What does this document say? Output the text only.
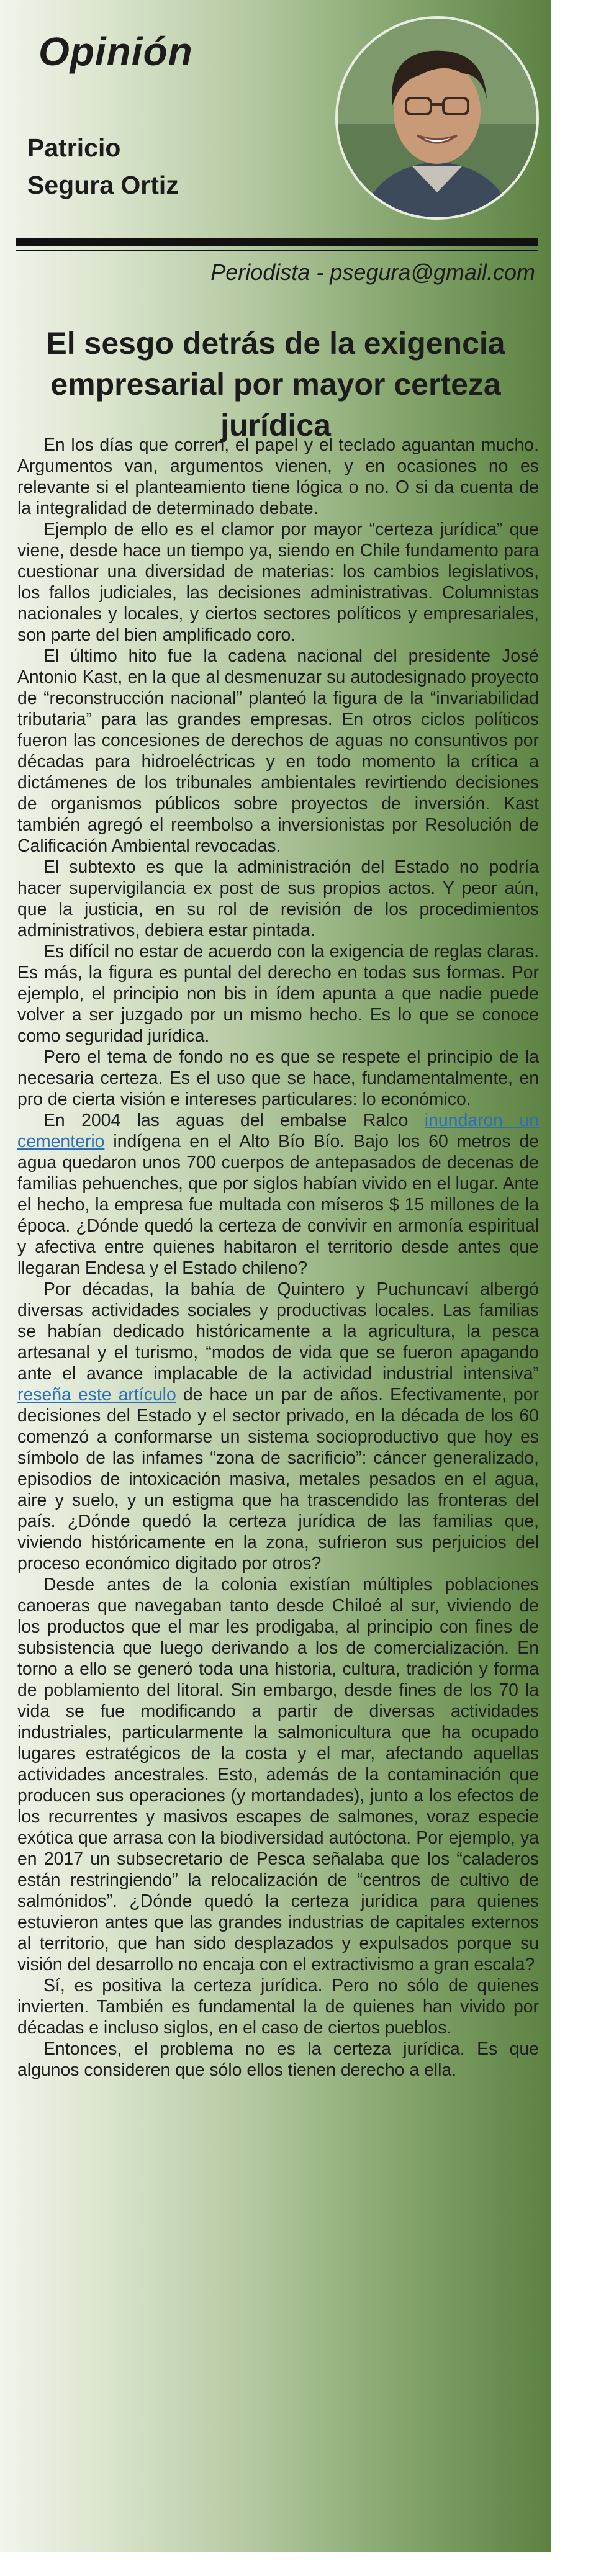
Opinión
Patricio
Segura Ortiz
Periodista - psegura@gmail.com
El sesgo detrás de la exigencia
empresarial por mayor certeza jurídica

En los días que corren, el papel y el teclado aguantan mucho. Argumentos van, argumentos vienen, y en ocasiones no es relevante si el planteamiento tiene lógica o no. O si da cuenta de la integralidad de determinado debate.

Ejemplo de ello es el clamor por mayor “certeza jurídica” que viene, desde hace un tiempo ya, siendo en Chile fundamento para cuestionar una diversidad de materias: los cambios legislativos, los fallos judiciales, las decisiones administrativas. Columnistas nacionales y locales, y ciertos sectores políticos y empresariales, son parte del bien amplificado coro.

El último hito fue la cadena nacional del presidente José Antonio Kast, en la que al desmenuzar su autodesignado proyecto de “reconstrucción nacional” planteó la figura de la “invariabilidad tributaria” para las grandes empresas. En otros ciclos políticos fueron las concesiones de derechos de aguas no consuntivos por décadas para hidroeléctricas y en todo momento la crítica a dictámenes de los tribunales ambientales revirtiendo decisiones de organismos públicos sobre proyectos de inversión. Kast también agregó el reembolso a inversionistas por Resolución de Calificación Ambiental revocadas.

El subtexto es que la administración del Estado no podría hacer supervigilancia ex post de sus propios actos. Y peor aún, que la justicia, en su rol de revisión de los procedimientos administrativos, debiera estar pintada.

Es difícil no estar de acuerdo con la exigencia de reglas claras. Es más, la figura es puntal del derecho en todas sus formas. Por ejemplo, el principio non bis in ídem apunta a que nadie puede volver a ser juzgado por un mismo hecho. Es lo que se conoce como seguridad jurídica.

Pero el tema de fondo no es que se respete el principio de la necesaria certeza. Es el uso que se hace, fundamentalmente, en pro de cierta visión e intereses particulares: lo económico.

En 2004 las aguas del embalse Ralco inundaron un cementerio indígena en el Alto Bío Bío. Bajo los 60 metros de agua quedaron unos 700 cuerpos de antepasados de decenas de familias pehuenches, que por siglos habían vivido en el lugar. Ante el hecho, la empresa fue multada con míseros $ 15 millones de la época. ¿Dónde quedó la certeza de convivir en armonía espiritual y afectiva entre quienes habitaron el territorio desde antes que llegaran Endesa y el Estado chileno?

Por décadas, la bahía de Quintero y Puchuncaví albergó diversas actividades sociales y productivas locales. Las familias se habían dedicado históricamente a la agricultura, la pesca artesanal y el turismo, “modos de vida que se fueron apagando ante el avance implacable de la actividad industrial intensiva” reseña este artículo de hace un par de años. Efectivamente, por decisiones del Estado y el sector privado, en la década de los 60 comenzó a conformarse un sistema socioproductivo que hoy es símbolo de las infames “zona de sacrificio”: cáncer generalizado, episodios de intoxicación masiva, metales pesados en el agua, aire y suelo, y un estigma que ha trascendido las fronteras del país. ¿Dónde quedó la certeza jurídica de las familias que, viviendo históricamente en la zona, sufrieron sus perjuicios del proceso económico digitado por otros?

Desde antes de la colonia existían múltiples poblaciones canoeras que navegaban tanto desde Chiloé al sur, viviendo de los productos que el mar les prodigaba, al principio con fines de subsistencia que luego derivando a los de comercialización. En torno a ello se generó toda una historia, cultura, tradición y forma de poblamiento del litoral. Sin embargo, desde fines de los 70 la vida se fue modificando a partir de diversas actividades industriales, particularmente la salmonicultura que ha ocupado lugares estratégicos de la costa y el mar, afectando aquellas actividades ancestrales. Esto, además de la contaminación que producen sus operaciones (y mortandades), junto a los efectos de los recurrentes y masivos escapes de salmones, voraz especie exótica que arrasa con la biodiversidad autóctona. Por ejemplo, ya en 2017 un subsecretario de Pesca señalaba que los “caladeros están restringiendo” la relocalización de “centros de cultivo de salmónidos”. ¿Dónde quedó la certeza jurídica para quienes estuvieron antes que las grandes industrias de capitales externos al territorio, que han sido desplazados y expulsados porque su visión del desarrollo no encaja con el extractivismo a gran escala?

Sí, es positiva la certeza jurídica. Pero no sólo de quienes invierten. También es fundamental la de quienes han vivido por décadas e incluso siglos, en el caso de ciertos pueblos.

Entonces, el problema no es la certeza jurídica. Es que algunos consideren que sólo ellos tienen derecho a ella.
